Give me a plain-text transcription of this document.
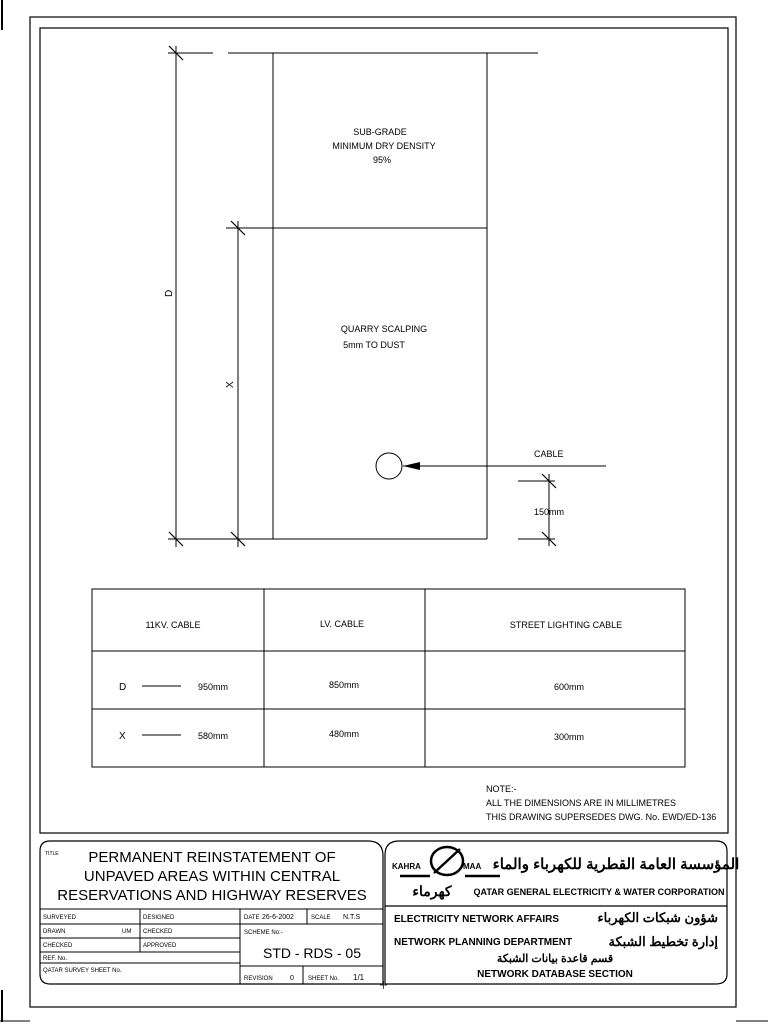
D
X
SUB-GRADE
MINIMUM DRY DENSITY
95%
QUARRY SCALPING
5mm TO DUST
CABLE
150mm
11KV. CABLE	LV. CABLE	STREET LIGHTING CABLE
D	950mm	850mm	600mm
X	580mm	480mm	300mm
NOTE:-
ALL THE DIMENSIONS ARE IN MILLIMETRES
THIS DRAWING SUPERSEDES DWG. No. EWD/ED-136
TITLE PERMANENT REINSTATEMENT OF
UNPAVED AREAS WITHIN CENTRAL
RESERVATIONS AND HIGHWAY RESERVES
SURVEYED	DESIGNED
DRAWN	UM CHECKED
CHECKED	APPROVED
REF. No.
QATAR SURVEY SHEET No.
DATE 26-6-2002	SCALE N.T.S
SCHEME No:-
STD - RDS - 05
REVISION 0 SHEET No. 1/1
KAHRA	MAA
كهرماء
المؤسسة العامة القطرية للكهرباء والماء
QATAR GENERAL ELECTRICITY & WATER CORPORATION
ELECTRICITY NETWORK AFFAIRS	شؤون شبكات الكهرباء
NETWORK PLANNING DEPARTMENT	إدارة تخطيط الشبكة
قسم قاعدة بيانات الشبكة
NETWORK DATABASE SECTION
